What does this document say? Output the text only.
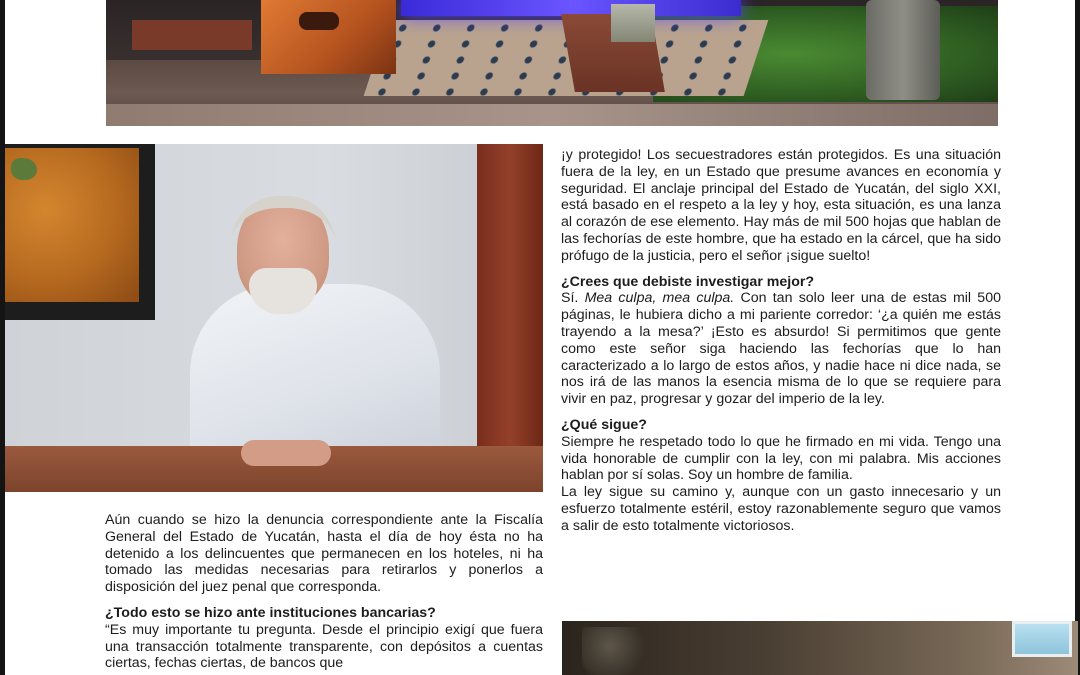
¡y protegido! Los secuestradores están protegidos. Es una situación fuera de la ley, en un Estado que presume avances en economía y seguridad. El anclaje principal del Estado de Yucatán, del siglo XXI, está basado en el respeto a la ley y hoy, esta situación, es una lanza al corazón de ese elemento. Hay más de mil 500 hojas que hablan de las fechorías de este hombre, que ha estado en la cárcel, que ha sido prófugo de la justicia, pero el señor ¡sigue suelto!

¿Crees que debiste investigar mejor?

Sí. Mea culpa, mea culpa. Con tan solo leer una de estas mil 500 páginas, le hubiera dicho a mi pariente corredor: ‘¿a quién me estás trayendo a la mesa?’ ¡Esto es absurdo! Si permitimos que gente como este señor siga haciendo las fechorías que lo han caracterizado a lo largo de estos años, y nadie hace ni dice nada, se nos irá de las manos la esencia misma de lo que se requiere para vivir en paz, progresar y gozar del imperio de la ley.

¿Qué sigue?

Siempre he respetado todo lo que he firmado en mi vida. Tengo una vida honorable de cumplir con la ley, con mi palabra. Mis acciones hablan por sí solas. Soy un hombre de familia.

La ley sigue su camino y, aunque con un gasto innecesario y un esfuerzo totalmente estéril, estoy razonablemente seguro que vamos a salir de esto totalmente victoriosos.

Aún cuando se hizo la denuncia correspondiente ante la Fiscalía General del Estado de Yucatán, hasta el día de hoy ésta no ha detenido a los delincuentes que permanecen en los hoteles, ni ha tomado las medidas necesarias para retirarlos y ponerlos a disposición del juez penal que corresponda.

¿Todo esto se hizo ante instituciones bancarias?

“Es muy importante tu pregunta. Desde el principio exigí que fuera una transacción totalmente transparente, con depósitos a cuentas ciertas, fechas ciertas, de bancos que
